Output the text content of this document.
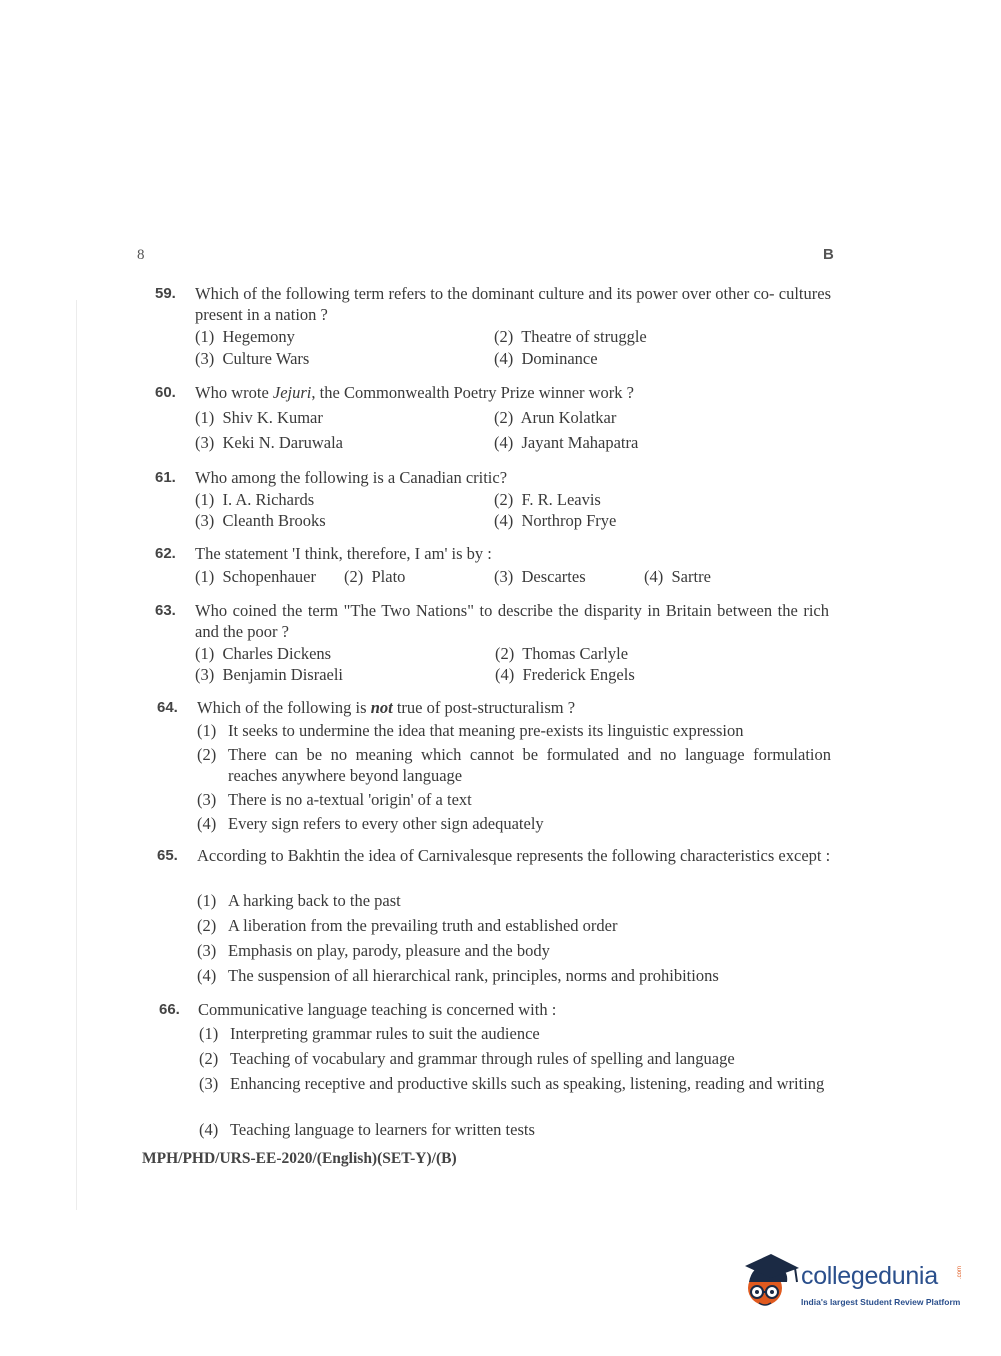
8	B
59. Which of the following term refers to the dominant culture and its power over other co- cultures present in a nation ?
(1) Hegemony	(2) Theatre of struggle
(3) Culture Wars	(4) Dominance
60. Who wrote Jejuri, the Commonwealth Poetry Prize winner work ?
(1) Shiv K. Kumar	(2) Arun Kolatkar
(3) Keki N. Daruwala	(4) Jayant Mahapatra
61. Who among the following is a Canadian critic?
(1) I. A. Richards	(2) F. R. Leavis
(3) Cleanth Brooks	(4) Northrop Frye
62. The statement 'I think, therefore, I am' is by :
(1) Schopenhauer (2) Plato	(3) Descartes	(4) Sartre
63. Who coined the term "The Two Nations" to describe the disparity in Britain between the rich and the poor ?
(1) Charles Dickens	(2) Thomas Carlyle
(3) Benjamin Disraeli	(4) Frederick Engels
64. Which of the following is not true of post-structuralism ?
(1) It seeks to undermine the idea that meaning pre-exists its linguistic expression
(2) There can be no meaning which cannot be formulated and no language formulation reaches anywhere beyond language
(3) There is no a-textual 'origin' of a text
(4) Every sign refers to every other sign adequately
65. According to Bakhtin the idea of Carnivalesque represents the following characteristics except :
(1) A harking back to the past
(2) A liberation from the prevailing truth and established order
(3) Emphasis on play, parody, pleasure and the body
(4) The suspension of all hierarchical rank, principles, norms and prohibitions
66. Communicative language teaching is concerned with :
(1) Interpreting grammar rules to suit the audience
(2) Teaching of vocabulary and grammar through rules of spelling and language
(3) Enhancing receptive and productive skills such as speaking, listening, reading and writing
(4) Teaching language to learners for written tests
MPH/PHD/URS-EE-2020/(English)(SET-Y)/(B)
collegedunia	.com
India's largest Student Review Platform
